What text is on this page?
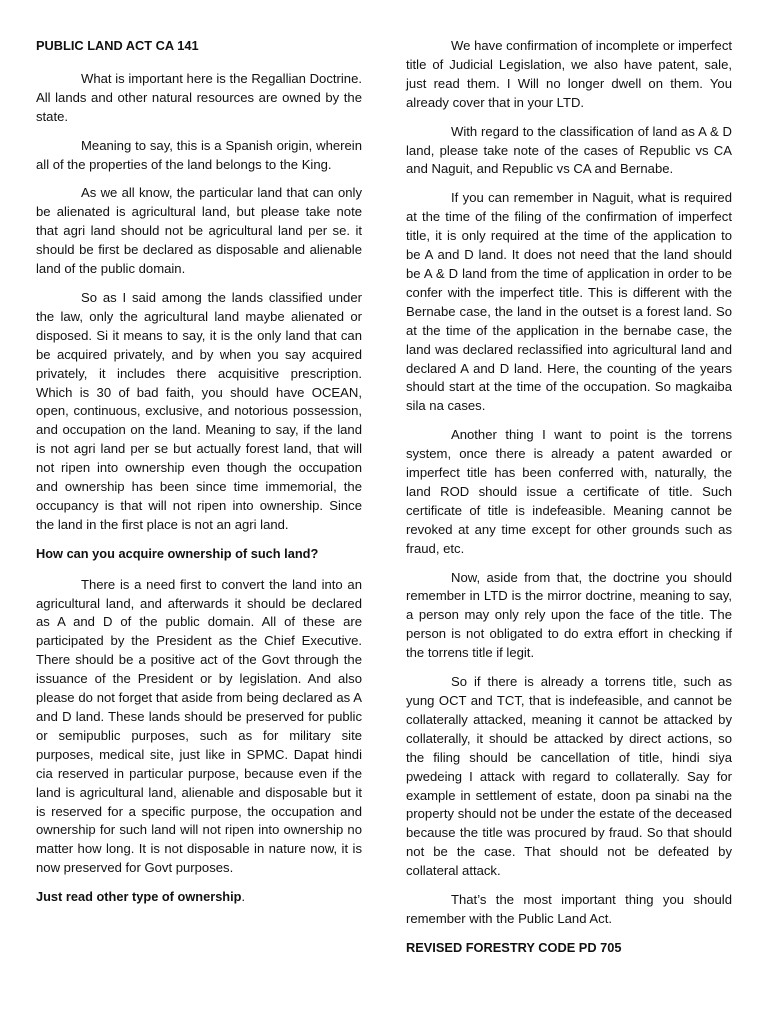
PUBLIC LAND ACT CA 141

What is important here is the Regallian Doctrine. All lands and other natural resources are owned by the state.

Meaning to say, this is a Spanish origin, wherein all of the properties of the land belongs to the King.

As we all know, the particular land that can only be alienated is agricultural land, but please take note that agri land should not be agricultural land per se. it should be first be declared as disposable and alienable land of the public domain.

So as I said among the lands classified under the law, only the agricultural land maybe alienated or disposed. Si it means to say, it is the only land that can be acquired privately, and by when you say acquired privately, it includes there acquisitive prescription. Which is 30 of bad faith, you should have OCEAN, open, continuous, exclusive, and notorious possession, and occupation on the land. Meaning to say, if the land is not agri land per se but actually forest land, that will not ripen into ownership even though the occupation and ownership has been since time immemorial, the occupancy is that will not ripen into ownership. Since the land in the first place is not an agri land.

How can you acquire ownership of such land?

There is a need first to convert the land into an agricultural land, and afterwards it should be declared as A and D of the public domain. All of these are participated by the President as the Chief Executive. There should be a positive act of the Govt through the issuance of the President or by legislation. And also please do not forget that aside from being declared as A and D land. These lands should be preserved for public or semipublic purposes, such as for military site purposes, medical site, just like in SPMC. Dapat hindi cia reserved in particular purpose, because even if the land is agricultural land, alienable and disposable but it is reserved for a specific purpose, the occupation and ownership for such land will not ripen into ownership no matter how long. It is not disposable in nature now, it is now preserved for Govt purposes.

Just read other type of ownership.

We have confirmation of incomplete or imperfect title of Judicial Legislation, we also have patent, sale, just read them. I Will no longer dwell on them. You already cover that in your LTD.

With regard to the classification of land as A & D land, please take note of the cases of Republic vs CA and Naguit, and Republic vs CA and Bernabe.

If you can remember in Naguit, what is required at the time of the filing of the confirmation of imperfect title, it is only required at the time of the application to be A and D land. It does not need that the land should be A & D land from the time of application in order to be confer with the imperfect title. This is different with the Bernabe case, the land in the outset is a forest land. So at the time of the application in the bernabe case, the land was declared reclassified into agricultural land and declared A and D land. Here, the counting of the years should start at the time of the occupation. So magkaiba sila na cases.

Another thing I want to point is the torrens system, once there is already a patent awarded or imperfect title has been conferred with, naturally, the land ROD should issue a certificate of title. Such certificate of title is indefeasible. Meaning cannot be revoked at any time except for other grounds such as fraud, etc.

Now, aside from that, the doctrine you should remember in LTD is the mirror doctrine, meaning to say, a person may only rely upon the face of the title. The person is not obligated to do extra effort in checking if the torrens title if legit.

So if there is already a torrens title, such as yung OCT and TCT, that is indefeasible, and cannot be collaterally attacked, meaning it cannot be attacked by collaterally, it should be attacked by direct actions, so the filing should be cancellation of title, hindi siya pwedeing I attack with regard to collaterally. Say for example in settlement of estate, doon pa sinabi na the property should not be under the estate of the deceased because the title was procured by fraud. So that should not be the case. That should not be defeated by collateral attack.

That’s the most important thing you should remember with the Public Land Act.

REVISED FORESTRY CODE PD 705
